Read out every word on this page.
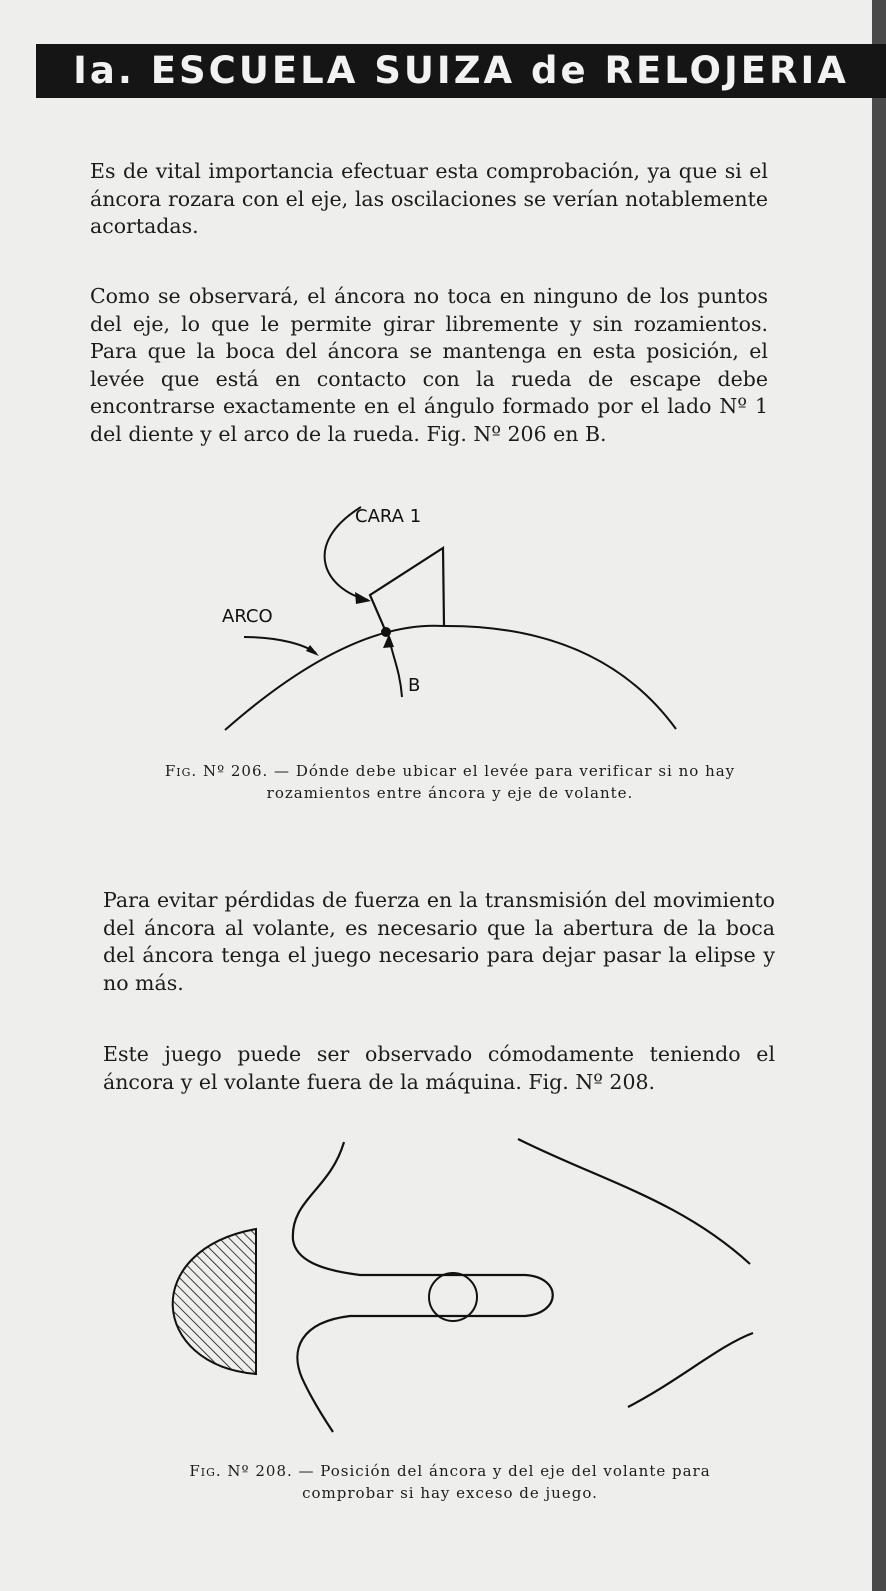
Ia. ESCUELA SUIZA de RELOJERIA

Es de vital importancia efectuar esta comprobación, ya que si el áncora rozara con el eje, las oscilaciones se verían notablemente acortadas.

Como se observará, el áncora no toca en ninguno de los puntos del eje, lo que le permite girar libremente y sin rozamientos. Para que la boca del áncora se mantenga en esta posición, el levée que está en contacto con la rueda de escape debe encontrarse exactamente en el ángulo formado por el lado Nº 1 del diente y el arco de la rueda. Fig. Nº 206 en B.

CARA 1
ARCO
B

Fig. Nº 206. — Dónde debe ubicar el levée para verificar si no hay rozamientos entre áncora y eje de volante.

Para evitar pérdidas de fuerza en la transmisión del movimiento del áncora al volante, es necesario que la abertura de la boca del áncora tenga el juego necesario para dejar pasar la elipse y no más.

Este juego puede ser observado cómodamente teniendo el áncora y el volante fuera de la máquina. Fig. Nº 208.

Fig. Nº 208. — Posición del áncora y del eje del volante para comprobar si hay exceso de juego.
